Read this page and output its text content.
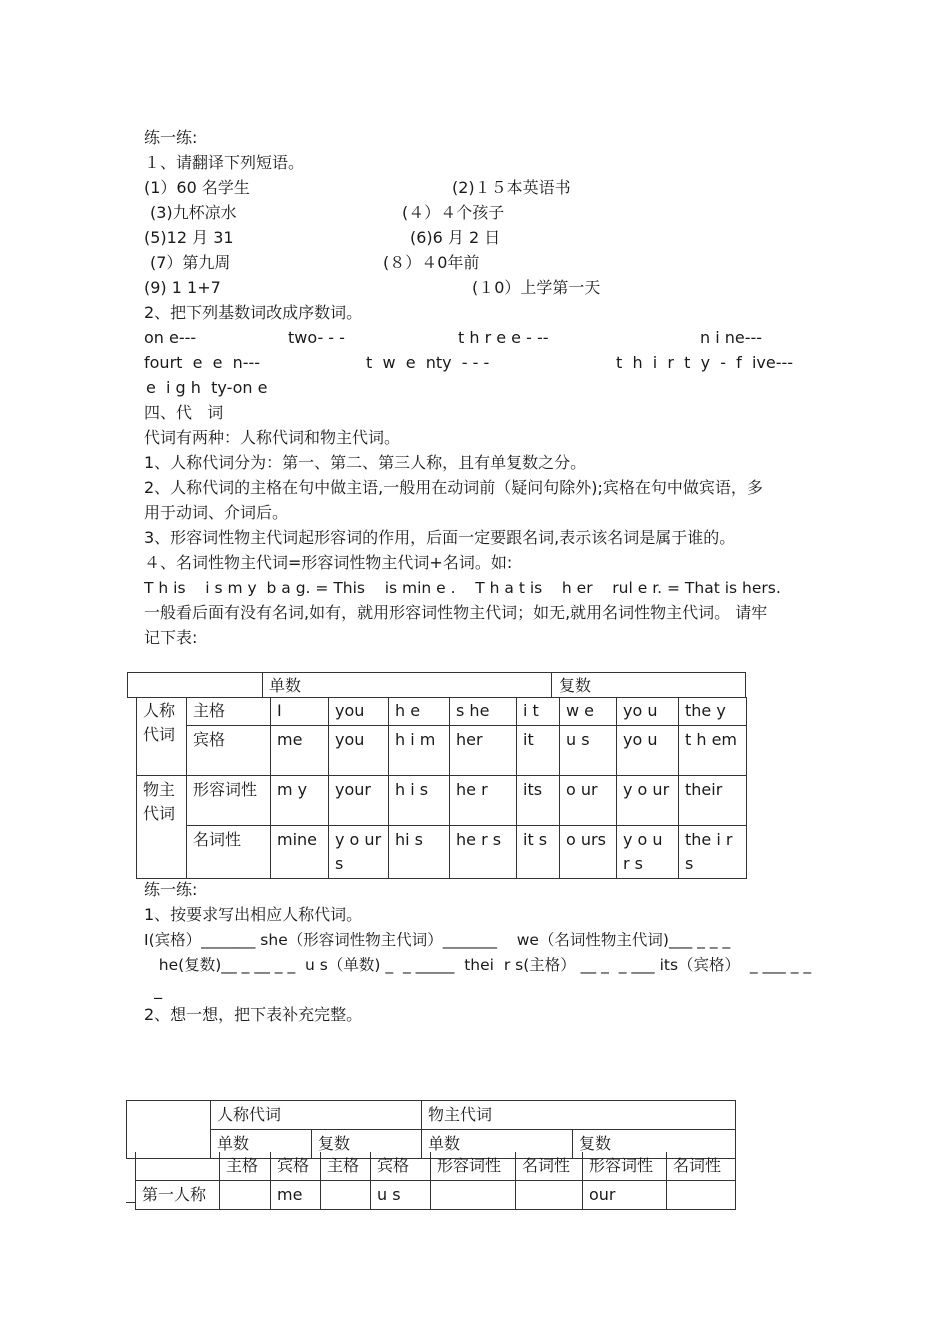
练一练:
１、请翻译下列短语。
(1）60 名学生	(2)１５本英语书
(3)九杯凉水	(４）４个孩子
(5)12 月 31	(6)6 月 2 日
(7）第九周	(８）４0年前
(9) 1 1+7	(１0）上学第一天
2、把下列基数词改成序数词。
on e---	two- - -	t h r e e - --	n i ne---
fourt  e  e  n---	t  w  e  nty  - - -	t  h  i  r  t  y  -  f  ive---
e  i g h  ty-on e
四、代   词
代词有两种：人称代词和物主代词。
1、人称代词分为：第一、第二、第三人称，且有单复数之分。
2、人称代词的主格在句中做主语,一般用在动词前（疑问句除外);宾格在句中做宾语，多
用于动词、介词后。
3、形容词性物主代词起形容词的作用，后面一定要跟名词,表示该名词是属于谁的。
４、名词性物主代词=形容词性物主代词+名词。如:
T h is    i s m y  b a g. = This    is min e .    T h a t is    h er    rul e r. = That is hers.
一般看后面有没有名词,如有，就用形容词性物主代词；如无,就用名词性物主代词。 请牢
记下表:
单数	复数
人称代词	主格	I	you	h e	s he	i t	w e	yo u	the y
	宾格	me	you	h i m	her	it	u s	yo u	t h em
物主代词	形容词性	m y	your	h i s	he r	its	o ur	y o ur	their
	名词性	mine	y o ur s	hi s	he r s	it s	o urs	y o u r s	the i r s
练一练:
1、按要求写出相应人称代词。
I(宾格）_______ she（形容词性物主代词）_______    we（名词性物主代词)___ _ _ _
he(复数)__ _ __ _ _  u s（单数) _  _ _____  thei  r s(主格） __ _  _ ___ its（宾格）  _ ___ _ _
_
2、想一想，把下表补充完整。
	人称代词		物主代词	
	单数	复数	单数	复数
	主格	宾格	主格	宾格	形容词性	名词性	形容词性	名词性
第一人称		me		u s			our	
